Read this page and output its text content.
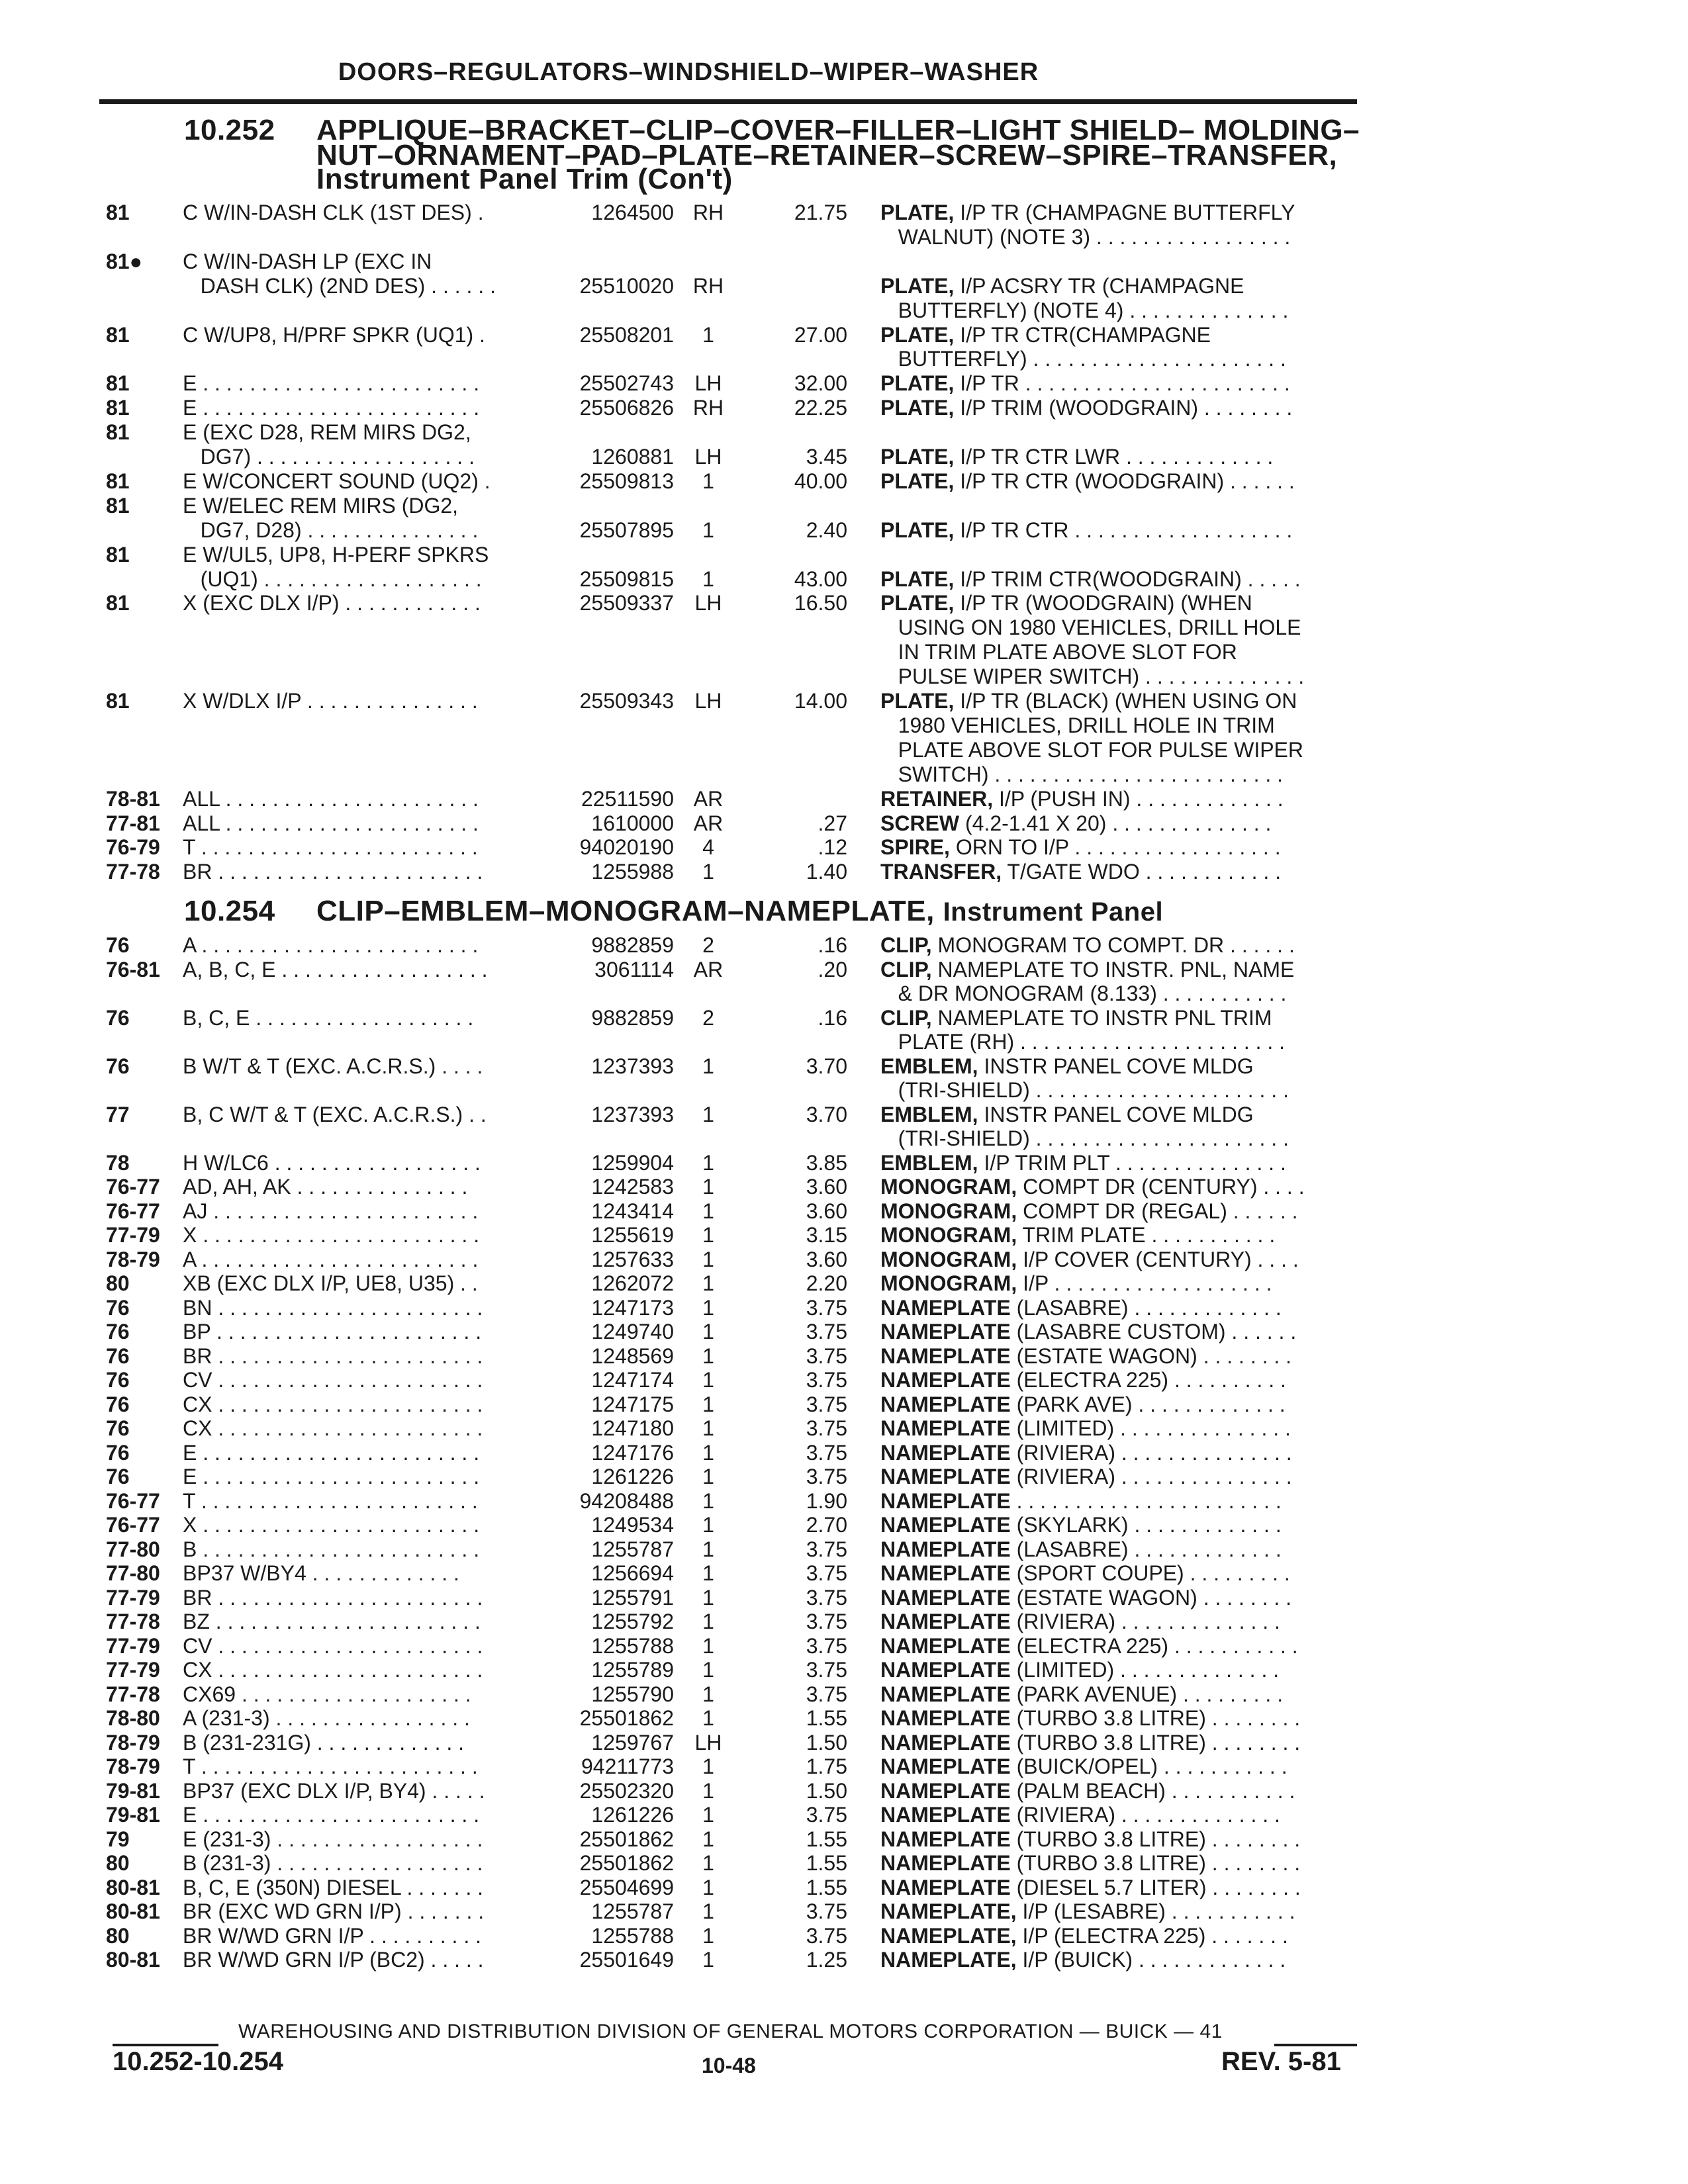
DOORS–REGULATORS–WINDSHIELD–WIPER–WASHER
10.252 APPLIQUE–BRACKET–CLIP–COVER–FILLER–LIGHT SHIELD– MOLDING–
NUT–ORNAMENT–PAD–PLATE–RETAINER–SCREW–SPIRE–TRANSFER,
Instrument Panel Trim (Con't)
10.254 CLIP–EMBLEM–MONOGRAM–NAMEPLATE, Instrument Panel
81	C W/IN-DASH CLK (1ST DES) .	1264500 RH	21.75 PLATE, I/P TR (CHAMPAGNE BUTTERFLY
WALNUT) (NOTE 3) . . . . . . . . . . . . . . . . .
81● C W/IN-DASH LP (EXC IN
DASH CLK) (2ND DES) . . . . . .	25510020 RH	PLATE, I/P ACSRY TR (CHAMPAGNE
BUTTERFLY) (NOTE 4) . . . . . . . . . . . . . .
81	C W/UP8, H/PRF SPKR (UQ1) .	25508201	1	27.00 PLATE, I/P TR CTR(CHAMPAGNE
BUTTERFLY) . . . . . . . . . . . . . . . . . . . . . .
81	E . . . . . . . . . . . . . . . . . . . . . . . .	25502743 LH	32.00 PLATE, I/P TR . . . . . . . . . . . . . . . . . . . . . . .
81	E . . . . . . . . . . . . . . . . . . . . . . . .	25506826 RH	22.25 PLATE, I/P TRIM (WOODGRAIN) . . . . . . . .
81	E (EXC D28, REM MIRS DG2,
DG7) . . . . . . . . . . . . . . . . . . .	1260881 LH	3.45 PLATE, I/P TR CTR LWR . . . . . . . . . . . . .
81	E W/CONCERT SOUND (UQ2) .	25509813	1	40.00 PLATE, I/P TR CTR (WOODGRAIN) . . . . . .
81	E W/ELEC REM MIRS (DG2,
DG7, D28) . . . . . . . . . . . . . . .	25507895	1	2.40 PLATE, I/P TR CTR . . . . . . . . . . . . . . . . . . .
81	E W/UL5, UP8, H-PERF SPKRS
(UQ1) . . . . . . . . . . . . . . . . . . .	25509815	1	43.00 PLATE, I/P TRIM CTR(WOODGRAIN) . . . . .
81	X (EXC DLX I/P) . . . . . . . . . . . .	25509337 LH	16.50 PLATE, I/P TR (WOODGRAIN) (WHEN
USING ON 1980 VEHICLES, DRILL HOLE
IN TRIM PLATE ABOVE SLOT FOR
PULSE WIPER SWITCH) . . . . . . . . . . . . . .
81	X W/DLX I/P . . . . . . . . . . . . . . .	25509343 LH	14.00 PLATE, I/P TR (BLACK) (WHEN USING ON
1980 VEHICLES, DRILL HOLE IN TRIM
PLATE ABOVE SLOT FOR PULSE WIPER
SWITCH) . . . . . . . . . . . . . . . . . . . . . . . . .
78-81 ALL . . . . . . . . . . . . . . . . . . . . . .	22511590 AR	RETAINER, I/P (PUSH IN) . . . . . . . . . . . . .
77-81 ALL . . . . . . . . . . . . . . . . . . . . . .	1610000 AR	.27 SCREW (4.2-1.41 X 20) . . . . . . . . . . . . . .
76-79 T . . . . . . . . . . . . . . . . . . . . . . . .	94020190	4	.12 SPIRE, ORN TO I/P . . . . . . . . . . . . . . . . . .
77-78 BR . . . . . . . . . . . . . . . . . . . . . . .	1255988	1	1.40 TRANSFER, T/GATE WDO . . . . . . . . . . . .
76	A . . . . . . . . . . . . . . . . . . . . . . . .	9882859	2	.16 CLIP, MONOGRAM TO COMPT. DR . . . . . .
76-81 A, B, C, E . . . . . . . . . . . . . . . . . .	3061114 AR	.20 CLIP, NAMEPLATE TO INSTR. PNL, NAME
& DR MONOGRAM (8.133) . . . . . . . . . . .
76	B, C, E . . . . . . . . . . . . . . . . . . .	9882859	2	.16 CLIP, NAMEPLATE TO INSTR PNL TRIM
PLATE (RH) . . . . . . . . . . . . . . . . . . . . . . .
76	B W/T & T (EXC. A.C.R.S.) . . . .	1237393	1	3.70 EMBLEM, INSTR PANEL COVE MLDG
(TRI-SHIELD) . . . . . . . . . . . . . . . . . . . . . .
77	B, C W/T & T (EXC. A.C.R.S.) . .	1237393	1	3.70 EMBLEM, INSTR PANEL COVE MLDG
(TRI-SHIELD) . . . . . . . . . . . . . . . . . . . . . .
78	H W/LC6 . . . . . . . . . . . . . . . . . .	1259904	1	3.85 EMBLEM, I/P TRIM PLT . . . . . . . . . . . . . . .
76-77 AD, AH, AK . . . . . . . . . . . . . . .	1242583	1	3.60 MONOGRAM, COMPT DR (CENTURY) . . . .
76-77 AJ . . . . . . . . . . . . . . . . . . . . . . .	1243414	1	3.60 MONOGRAM, COMPT DR (REGAL) . . . . . .
77-79 X . . . . . . . . . . . . . . . . . . . . . . . .	1255619	1	3.15 MONOGRAM, TRIM PLATE . . . . . . . . . . .
78-79 A . . . . . . . . . . . . . . . . . . . . . . . .	1257633	1	3.60 MONOGRAM, I/P COVER (CENTURY) . . . .
80	XB (EXC DLX I/P, UE8, U35) . .	1262072	1	2.20 MONOGRAM, I/P . . . . . . . . . . . . . . . . . . .
76	BN . . . . . . . . . . . . . . . . . . . . . . .	1247173	1	3.75 NAMEPLATE (LASABRE) . . . . . . . . . . . . .
76	BP . . . . . . . . . . . . . . . . . . . . . . .	1249740	1	3.75 NAMEPLATE (LASABRE CUSTOM) . . . . . .
76	BR . . . . . . . . . . . . . . . . . . . . . . .	1248569	1	3.75 NAMEPLATE (ESTATE WAGON) . . . . . . . .
76	CV . . . . . . . . . . . . . . . . . . . . . . .	1247174	1	3.75 NAMEPLATE (ELECTRA 225) . . . . . . . . . .
76	CX . . . . . . . . . . . . . . . . . . . . . . .	1247175	1	3.75 NAMEPLATE (PARK AVE) . . . . . . . . . . . . .
76	CX . . . . . . . . . . . . . . . . . . . . . . .	1247180	1	3.75 NAMEPLATE (LIMITED) . . . . . . . . . . . . . . .
76	E . . . . . . . . . . . . . . . . . . . . . . . .	1247176	1	3.75 NAMEPLATE (RIVIERA) . . . . . . . . . . . . . . .
76	E . . . . . . . . . . . . . . . . . . . . . . . .	1261226	1	3.75 NAMEPLATE (RIVIERA) . . . . . . . . . . . . . . .
76-77 T . . . . . . . . . . . . . . . . . . . . . . . .	94208488	1	1.90 NAMEPLATE . . . . . . . . . . . . . . . . . . . . . . .
76-77 X . . . . . . . . . . . . . . . . . . . . . . . .	1249534	1	2.70 NAMEPLATE (SKYLARK) . . . . . . . . . . . . .
77-80 B . . . . . . . . . . . . . . . . . . . . . . . .	1255787	1	3.75 NAMEPLATE (LASABRE) . . . . . . . . . . . . .
77-80 BP37 W/BY4 . . . . . . . . . . . . .	1256694	1	3.75 NAMEPLATE (SPORT COUPE) . . . . . . . . .
77-79 BR . . . . . . . . . . . . . . . . . . . . . . .	1255791	1	3.75 NAMEPLATE (ESTATE WAGON) . . . . . . . .
77-78 BZ . . . . . . . . . . . . . . . . . . . . . . .	1255792	1	3.75 NAMEPLATE (RIVIERA) . . . . . . . . . . . . . .
77-79 CV . . . . . . . . . . . . . . . . . . . . . . .	1255788	1	3.75 NAMEPLATE (ELECTRA 225) . . . . . . . . . . .
77-79 CX . . . . . . . . . . . . . . . . . . . . . . .	1255789	1	3.75 NAMEPLATE (LIMITED) . . . . . . . . . . . . . .
77-78 CX69 . . . . . . . . . . . . . . . . . . . .	1255790	1	3.75 NAMEPLATE (PARK AVENUE) . . . . . . . . .
78-80 A (231-3) . . . . . . . . . . . . . . . . .	25501862	1	1.55 NAMEPLATE (TURBO 3.8 LITRE) . . . . . . . .
78-79 B (231-231G) . . . . . . . . . . . . .	1259767 LH	1.50 NAMEPLATE (TURBO 3.8 LITRE) . . . . . . . .
78-79 T . . . . . . . . . . . . . . . . . . . . . . . .	94211773	1	1.75 NAMEPLATE (BUICK/OPEL) . . . . . . . . . . .
79-81 BP37 (EXC DLX I/P, BY4) . . . . .	25502320	1	1.50 NAMEPLATE (PALM BEACH) . . . . . . . . . . .
79-81 E . . . . . . . . . . . . . . . . . . . . . . . .	1261226	1	3.75 NAMEPLATE (RIVIERA) . . . . . . . . . . . . . .
79	E (231-3) . . . . . . . . . . . . . . . . . .	25501862	1	1.55 NAMEPLATE (TURBO 3.8 LITRE) . . . . . . . .
80	B (231-3) . . . . . . . . . . . . . . . . . .	25501862	1	1.55 NAMEPLATE (TURBO 3.8 LITRE) . . . . . . . .
80-81 B, C, E (350N) DIESEL . . . . . . .	25504699	1	1.55 NAMEPLATE (DIESEL 5.7 LITER) . . . . . . . .
80-81 BR (EXC WD GRN I/P) . . . . . . .	1255787	1	3.75 NAMEPLATE, I/P (LESABRE) . . . . . . . . . . .
80	BR W/WD GRN I/P . . . . . . . . . .	1255788	1	3.75 NAMEPLATE, I/P (ELECTRA 225) . . . . . . .
80-81 BR W/WD GRN I/P (BC2) . . . . .	25501649	1	1.25 NAMEPLATE, I/P (BUICK) . . . . . . . . . . . . .
WAREHOUSING AND DISTRIBUTION DIVISION OF GENERAL MOTORS CORPORATION — BUICK — 41
10.252-10.254	10-48	REV. 5-81
